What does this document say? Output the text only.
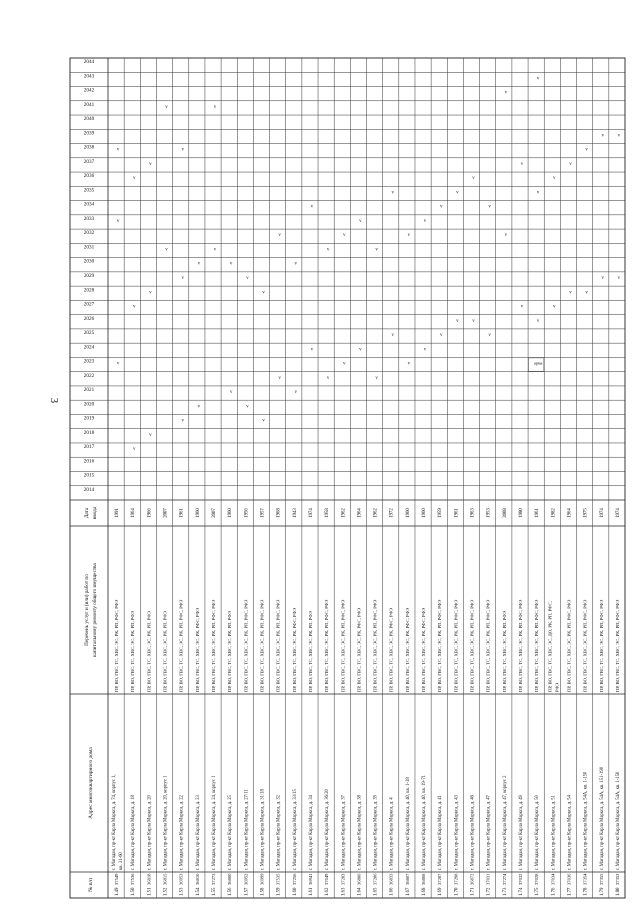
3
№ п/п
Адрес многоквартирного дома
Перечень услуг и (или) работ по капитальному ремонту общего имущества
Дата ввода
2014
2015
2016
2017
2018
2019
2020
2021
2022
2023
2024
2025
2026
2027
2028
2029
2030
2031
2032
2033
2034
2035
2036
2037
2038
2039
2040
2041
2042
2043
2044
1.49
37549
г. Магадан, пр-кт Карла Маркса, д. 74, корпус 1, кв. 31-60
ПР, ВО, ГВС, ТС, ХВС, ЭС, РК, РП, РФС, РФЭ
1991
v
v
v
1.50
37536
г. Магадан, пр-кт Карла Маркса, д. 18
ПР, ВО, ГВС, ТС, ХВС, ЭС, РК, РП, РФЭ
1964
v
v
v
1.51
36818
г. Магадан, пр-кт Карла Маркса, д. 20
ПР, ВО, ГВС, ТС, ХВС, ЭС, РК, РП, РФЭ
1966
v
v
v
1.52
36815
г. Магадан, пр-кт Карла Маркса, д. 20, корпус 1
ПР, ВО, ГВС, ТС, ХВС, ЭС, РК, РП, РФЭ
2007
v
v
1.53
36953
г. Магадан, пр-кт Карла Маркса, д. 22
ПР, ВО, ГВС, ТС, ХВС, ЭС, РК, РП, РФС, РФЭ
1961
v
v
v
1.54
36810
г. Магадан, пр-кт Карла Маркса, д. 23
ПР, ВО, ГВС, ТС, ХВС, ЭС, РК, РФС, РФЭ
1960
v
v
1.55
37273
г. Магадан, пр-кт Карла Маркса, д. 24, корпус 1
ПР, ВО, ГВС, ТС, ХВС, ЭС, РК, РП, РФС, РФЭ
2007
v
v
1.56
36800
г. Магадан, пр-кт Карла Маркса, д. 25
ПР, ВО, ГВС, ТС, ХВС, ЭС, РК, РП, РФЭ
1960
v
v
1.57
36952
г. Магадан, пр-кт Карла Маркса, д. 27/11
ПР, ВО, ГВС, ТС, ХВС, ЭС, РК, РП, РФС, РФЭ
1956
v
v
1.58
36999
г. Магадан, пр-кт Карла Маркса, д. 31/18
ПР, ВО, ГВС, ТС, ХВС, ЭС, РК, РП, РФС, РФЭ
1957
v
v
1.59
37535
г. Магадан, пр-кт Карла Маркса, д. 32
ПР, ВО, ГВС, ТС, ХВС, ЭС, РК, РП, РФС, РФЭ
1968
v
v
1.60
37256
г. Магадан, пр-кт Карла Маркса, д. 33/15
ПР, ВО, ГВС, ТС, ХВС, ЭС, РК, РФС, РФЭ
1943
v
v
1.61
36941
г. Магадан, пр-кт Карла Маркса, д. 34
ПР, ВО, ГВС, ТС, ХВС, ЭС, РК, РП, РФЭ
1974
v
v
1.62
37049
г. Магадан, пр-кт Карла Маркса, д. 36/20
ПР, ВО, ГВС, ТС, ХВС, ЭС, РК, РП, РФС, РФЭ
1958
v
v
1.63
37283
г. Магадан, пр-кт Карла Маркса, д. 37
ПР, ВО, ГВС, ТС, ХВС, ЭС, РК, РП, РФС, РФЭ
1962
v
v
1.64
36886
г. Магадан, пр-кт Карла Маркса, д. 38
ПР, ВО, ГВС, ТС, ХВС, ЭС, РК, РФС, РФЭ
1964
v
v
1.65
37286
г. Магадан, пр-кт Карла Маркса, д. 39
ПР, ВО, ГВС, ТС, ХВС, ЭС, РК, РП, РФС, РФЭ
1962
v
v
1.66
36833
г. Магадан, пр-кт Карла Маркса, д. 4
ПР, ВО, ГВС, ТС, ХВС, ЭС, РК, РФС, РФЭ
1972
v
v
1.67
36807
г. Магадан, пр-кт Карла Маркса, д. 40, кв. 1-18
ПР, ВО, ГВС, ТС, ХВС, ЭС, РК, РФС, РФЭ
1960
v
v
1.68
36808
г. Магадан, пр-кт Карла Маркса, д. 40, кв. 19-71
ПР, ВО, ГВС, ТС, ХВС, ЭС, РК, РФС, РФЭ
1960
v
v
1.69
37287
г. Магадан, пр-кт Карла Маркса, д. 41
ПР, ВО, ГВС, ТС, ХВС, ЭС, РК, РП, РФС, РФЭ
1959
v
v
1.70
37298
г. Магадан, пр-кт Карла Маркса, д. 43
ПР, ВО, ГВС, ТС, ХВС, ЭС, РК, РП, РФС, РФЭ
1961
v
v
1.71
36872
г. Магадан, пр-кт Карла Маркса, д. 46
ПР, ВО, ГВС, ТС, ХВС, ЭС, РК, РП, РФС, РФЭ
1963
v
v
1.72
37031
г. Магадан, пр-кт Карла Маркса, д. 47
ПР, ВО, ГВС, ТС, ХВС, ЭС, РК, РП, РФС, РФЭ
1953
v
v
1.73
37274
г. Магадан, пр-кт Карла Маркса, д. 47, корпус 2
ПР, ВО, ГВС, ТС, ХВС, ЭС, РК, РП, РФЭ
2008
v
v
1.74
37032
г. Магадан, пр-кт Карла Маркса, д. 49
ПР, ВО, ГВС, ТС, ХВС, ЭС, РК, РП, РФС, РФЭ
1980
v
v
1.75
37028
г. Магадан, пр-кт Карла Маркса, д. 50
ПР, ВО, ГВС, ТС, ХВС, ЭС, РК, РП, РФС, РФЭ
1961
v
v
v
1.76
37034
г. Магадан, пр-кт Карла Маркса, д. 51
ПР, ВО, ГВС, ТС, ХВС, ЭС, ДО, РК, РП, РФС, РФЭ
1982
v
v
1.77
37036
г. Магадан, пр-кт Карла Маркса, д. 54
ПР, ВО, ГВС, ТС, ХВС, ЭС, РК, РП, РФС, РФЭ
1964
v
v
1.78
37354
г. Магадан, пр-кт Карла Маркса, д. 54А, кв. 1-150
ПР, ВО, ГВС, ТС, ХВС, ЭС, РК, РП, РФС, РФЭ
1975
v
v
1.79
37355
г. Магадан, пр-кт Карла Маркса, д. 54А, кв. 151-190
ПР, ВО, ГВС, ТС, ХВС, ЭС, РК, РП, РФС, РФЭ
1974
v
v
1.80
37352
г. Магадан, пр-кт Карла Маркса, д. 54А, кв. 1-150
ПР, ВО, ГВС, ТС, ХВС, ЭС, РК, РП, РФС, РФЭ
1974
v
v
арма
